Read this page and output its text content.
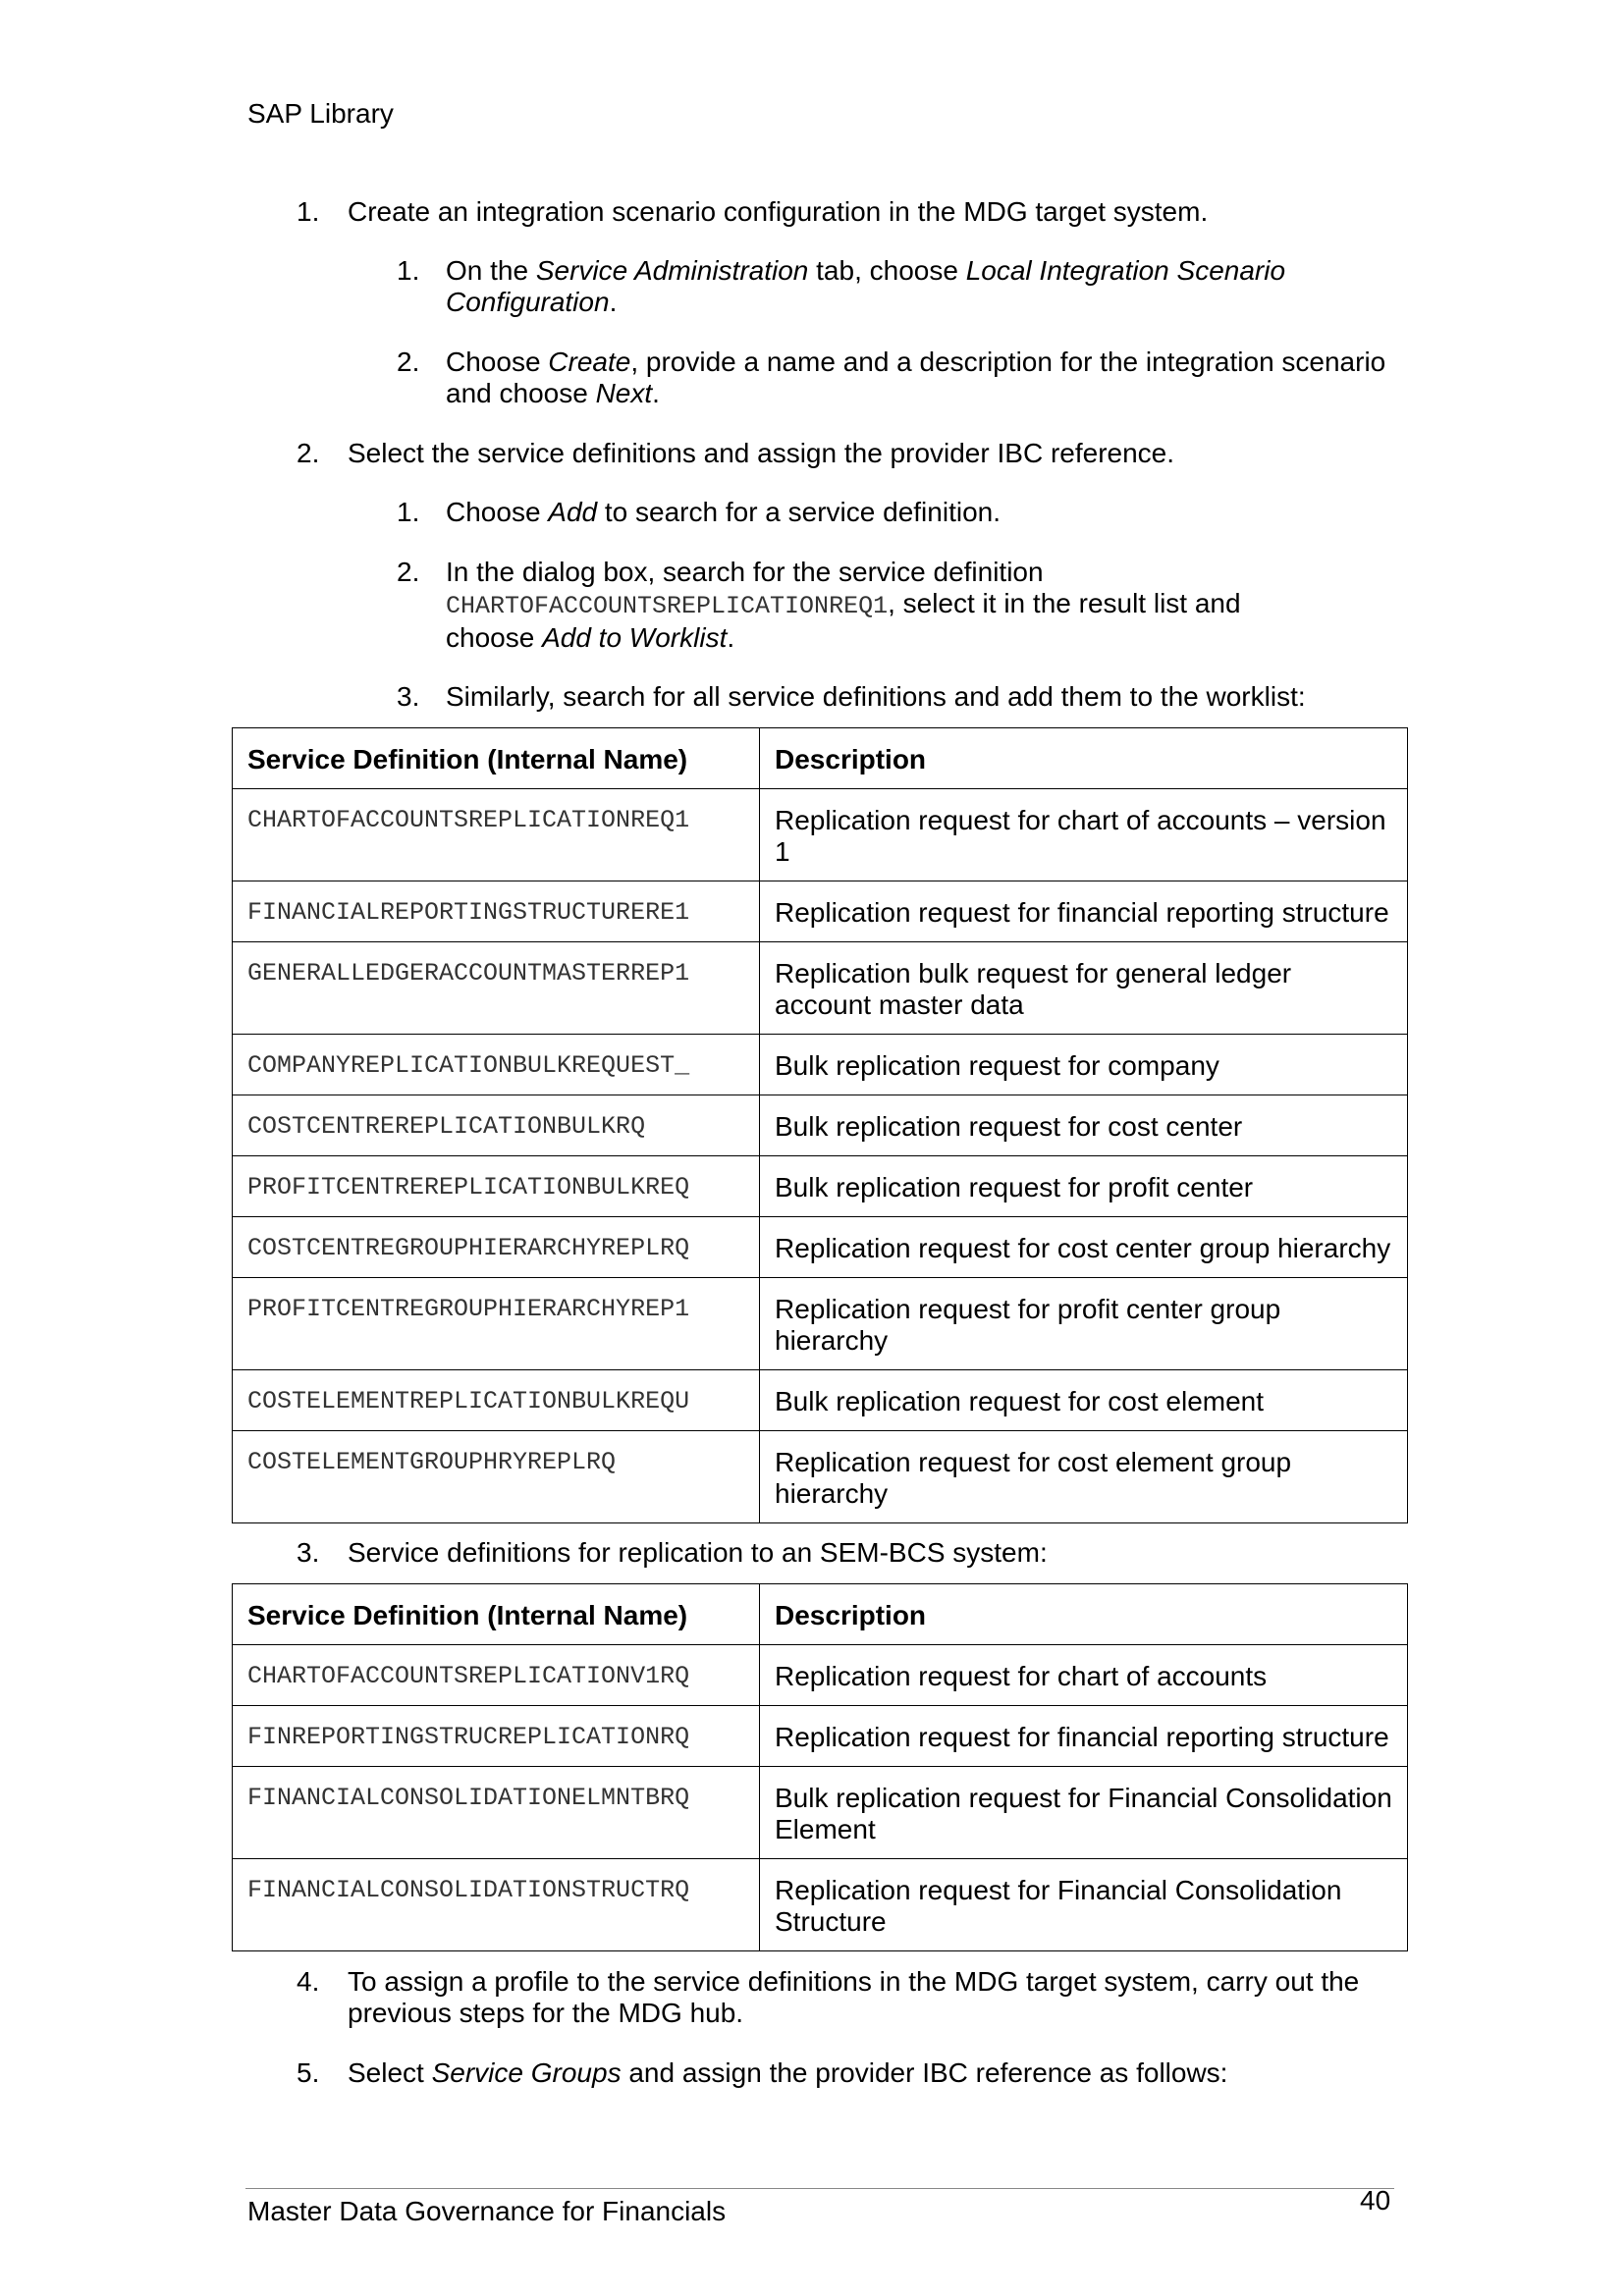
SAP Library
1. Create an integration scenario configuration in the MDG target system.
1. On the Service Administration tab, choose Local Integration Scenario
Configuration.
2. Choose Create, provide a name and a description for the integration scenario
and choose Next.
2. Select the service definitions and assign the provider IBC reference.
1. Choose Add to search for a service definition.
2. In the dialog box, search for the service definition
CHARTOFACCOUNTSREPLICATIONREQ1, select it in the result list and
choose Add to Worklist.
3. Similarly, search for all service definitions and add them to the worklist:
Service Definition (Internal Name)	Description
CHARTOFACCOUNTSREPLICATIONREQ1	Replication request for chart of accounts – version 1
FINANCIALREPORTINGSTRUCTURERE1	Replication request for financial reporting structure
GENERALLEDGERACCOUNTMASTERREP1	Replication bulk request for general ledger account master data
COMPANYREPLICATIONBULKREQUEST_	Bulk replication request for company
COSTCENTREREPLICATIONBULKRQ	Bulk replication request for cost center
PROFITCENTREREPLICATIONBULKREQ	Bulk replication request for profit center
COSTCENTREGROUPHIERARCHYREPLRQ	Replication request for cost center group hierarchy
PROFITCENTREGROUPHIERARCHYREP1	Replication request for profit center group hierarchy
COSTELEMENTREPLICATIONBULKREQU	Bulk replication request for cost element
COSTELEMENTGROUPHRYREPLRQ	Replication request for cost element group hierarchy
3. Service definitions for replication to an SEM-BCS system:
Service Definition (Internal Name)	Description
CHARTOFACCOUNTSREPLICATIONV1RQ	Replication request for chart of accounts
FINREPORTINGSTRUCREPLICATIONRQ	Replication request for financial reporting structure
FINANCIALCONSOLIDATIONELMNTBRQ	Bulk replication request for Financial Consolidation Element
FINANCIALCONSOLIDATIONSTRUCTRQ	Replication request for Financial Consolidation Structure
4. To assign a profile to the service definitions in the MDG target system, carry out the
previous steps for the MDG hub.
5. Select Service Groups and assign the provider IBC reference as follows:
Master Data Governance for Financials	40
